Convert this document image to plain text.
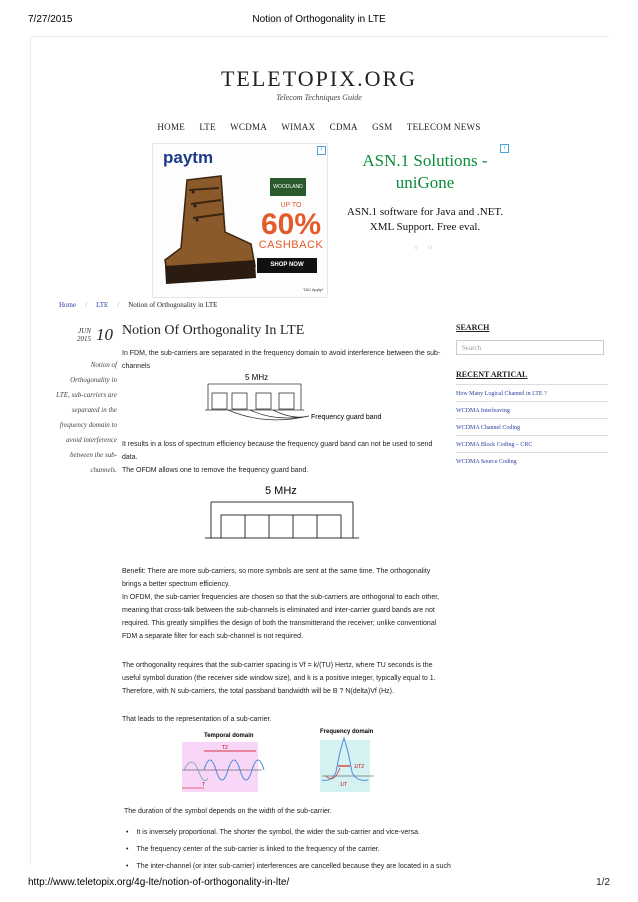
7/27/2015	Notion of Orthogonality in LTE
TELETOPIX.ORG
Telecom Techniques Guide
HOME LTE WCDMA WIMAX CDMA GSM TELECOM NEWS
paytm
WOODLAND
UP TO
60%
CASHBACK
SHOP NOW
T&C Apply*
i
ASN.1 Solutions - uniGone
ASN.1 software for Java and .NET. XML Support. Free eval.
○ ○
i
Home / LTE / Notion of Orthogonality in LTE
JUN
2015 10
Notion of Orthogonality in LTE, sub-carriers are separated in the frequency domain to avoid interference between the sub-channels.
Notion Of Orthogonality In LTE
In FDM, the sub-carriers are separated in the frequency domain to avoid interference between the sub-channels
5 MHz
Frequency guard band
It results in a loss of spectrum efficiency because the frequency guard band can not be used to send data.
The OFDM allows one to remove the frequency guard band.
5 MHz
Benefit: There are more sub-carriers, so more symbols are sent at the same time. The orthogonality brings a better spectrum efficiency.
In OFDM, the sub-carrier frequencies are chosen so that the sub-carriers are orthogonal to each other, meaning that cross-talk between the sub-channels is eliminated and inter-carrier guard bands are not required. This greatly simplifies the design of both the transmitterand the receiver; unlike conventional FDM a separate filter for each sub-channel is not required.
The orthogonality requires that the sub-carrier spacing is Vf = k/(TU) Hertz, where TU seconds is the useful symbol duration (the receiver side window size), and k is a positive integer, typically equal to 1. Therefore, with N sub-carriers, the total passband bandwidth will be B ? N(delta)Vf (Hz).
That leads to the representation of a sub-carrier.
Temporal domain
T2
T
Frequency domain
1/T2
1/T
The duration of the symbol depends on the width of the sub-carrier.
• It is inversely proportional. The shorter the symbol, the wider the sub-carrier and vice-versa.
• The frequency center of the sub-carrier is linked to the frequency of the carrier.
• The inter-channel (or inter sub-carrier) interferences are cancelled because they are located in a such
SEARCH
Search
RECENT ARTICAL
How Many Logical Channel in LTE ?
WCDMA Interleaving
WCDMA Channel Coding
WCDMA Block Coding – CRC
WCDMA Source Coding
http://www.teletopix.org/4g-lte/notion-of-orthogonality-in-lte/	1/2
